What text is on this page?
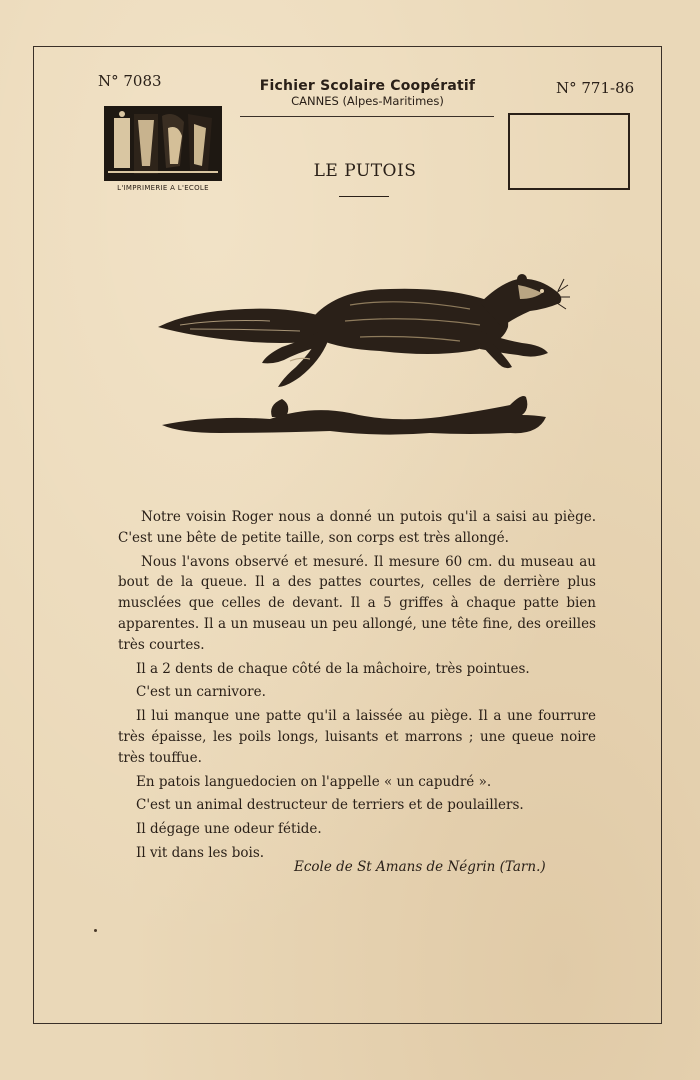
N° 7083	N° 771-86
Fichier Scolaire Coopératif
CANNES (Alpes-Maritimes)
L'IMPRIMERIE A L'ECOLE
LE PUTOIS

Notre voisin Roger nous a donné un putois qu'il a saisi au piège. C'est une bête de petite taille, son corps est très allongé.

Nous l'avons observé et mesuré. Il mesure 60 cm. du museau au bout de la queue. Il a des pattes courtes, celles de derrière plus musclées que celles de devant. Il a 5 griffes à chaque patte bien apparentes. Il a un museau un peu allongé, une tête fine, des oreilles très courtes.

Il a 2 dents de chaque côté de la mâchoire, très pointues.

C'est un carnivore.

Il lui manque une patte qu'il a laissée au piège. Il a une fourrure très épaisse, les poils longs, luisants et marrons ; une queue noire très touffue.

En patois languedocien on l'appelle « un capudré ».

C'est un animal destructeur de terriers et de poulaillers.

Il dégage une odeur fétide.

Il vit dans les bois.

Ecole de St Amans de Négrin (Tarn.)
